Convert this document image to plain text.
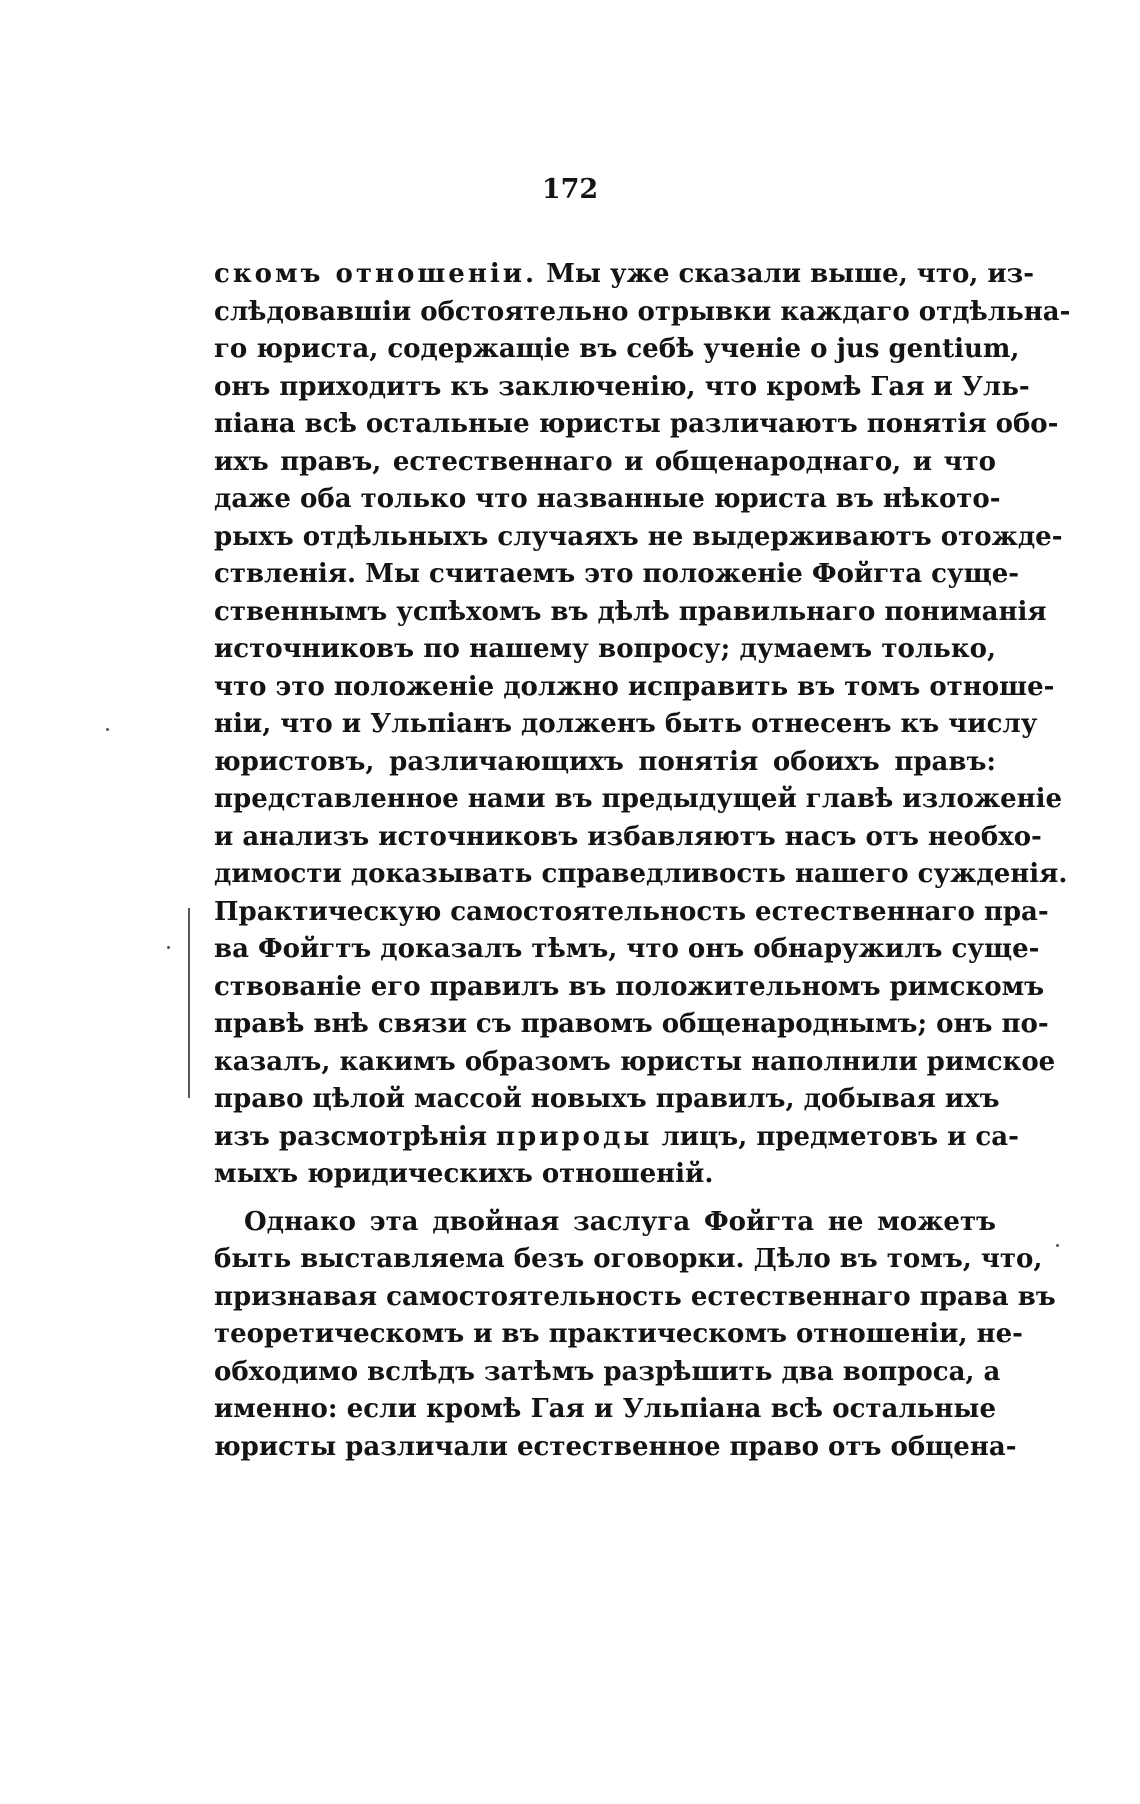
172
скомъ отношенiи. Мы уже сказали выше, что, из-
слѣдовавшiи обстоятельно отрывки каждаго отдѣльна-
го юриста, содержащiе въ себѣ ученiе о jus gentium,
онъ приходитъ къ заключенiю, что кромѣ Гая и Уль-
пiана всѣ остальные юристы различаютъ понятiя обо-
ихъ правъ, естественнаго и общенароднаго, и что
даже оба только что названные юриста въ нѣкото-
рыхъ отдѣльныхъ случаяхъ не выдерживаютъ отожде-
ствленiя. Мы считаемъ это положенiе Фойгта суще-
ственнымъ успѣхомъ въ дѣлѣ правильнаго пониманiя
источниковъ по нашему вопросу; думаемъ только,
что это положенiе должно исправить въ томъ отноше-
нiи, что и Ульпiанъ долженъ быть отнесенъ къ числу
юристовъ, различающихъ понятiя обоихъ правъ:
представленное нами въ предыдущей главѣ изложенiе
и анализъ источниковъ избавляютъ насъ отъ необхо-
димости доказывать справедливость нашего сужденiя.
Практическую самостоятельность естественнаго пра-
ва Фойгтъ доказалъ тѣмъ, что онъ обнаружилъ суще-
ствованiе его правилъ въ положительномъ римскомъ
правѣ внѣ связи съ правомъ общенароднымъ; онъ по-
казалъ, какимъ образомъ юристы наполнили римское
право цѣлой массой новыхъ правилъ, добывая ихъ
изъ разсмотрѣнiя природы лицъ, предметовъ и са-
мыхъ юридическихъ отношенiй.
Однако эта двойная заслуга Фойгта не можетъ
быть выставляема безъ оговорки. Дѣло въ томъ, что,
признавая самостоятельность естественнаго права въ
теоретическомъ и въ практическомъ отношенiи, не-
обходимо вслѣдъ затѣмъ разрѣшить два вопроса, а
именно: если кромѣ Гая и Ульпiана всѣ остальные
юристы различали естественное право отъ общена-
